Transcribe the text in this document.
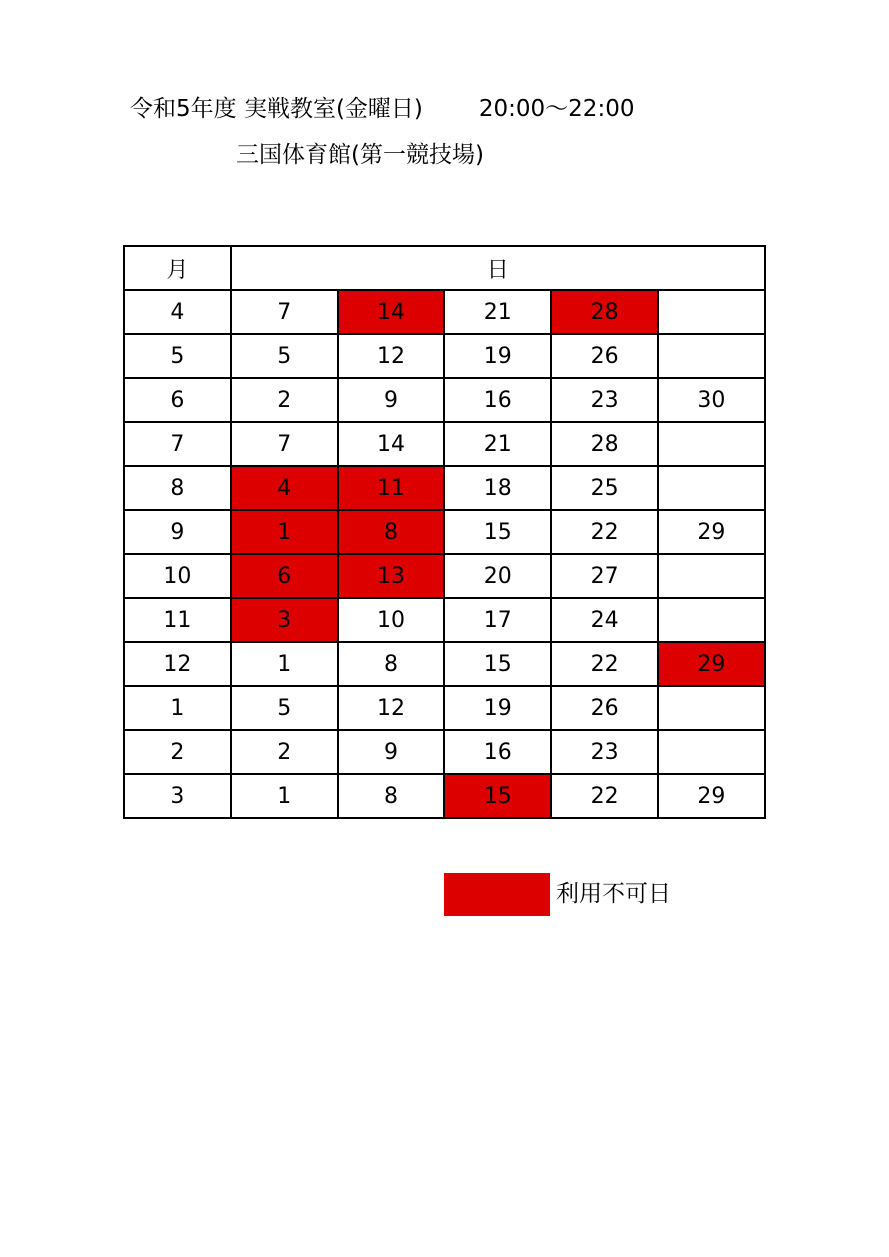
令和5年度 実戦教室(金曜日) 20:00〜22:00
三国体育館(第一競技場)
月	日				
4	7	14	21	28	
5	5	12	19	26	
6	2	9	16	23	30
7	7	14	21	28	
8	4	11	18	25	
9	1	8	15	22	29
10	6	13	20	27	
11	3	10	17	24	
12	1	8	15	22	29
1	5	12	19	26	
2	2	9	16	23	
3	1	8	15	22	29
利用不可日
